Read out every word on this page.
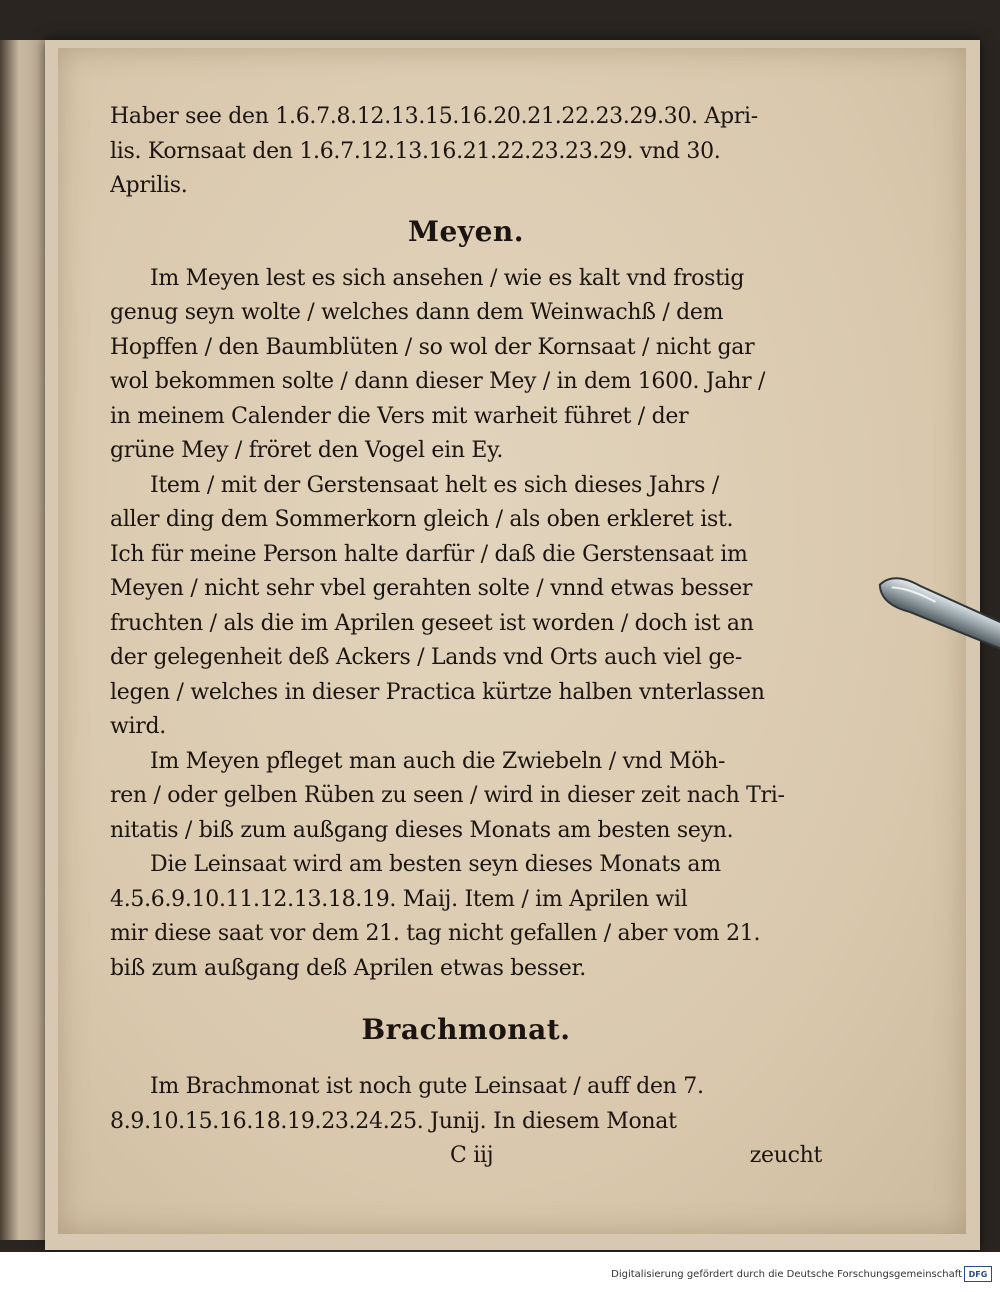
Haber see den 1.6.7.8.12.13.15.16.20.21.22.23.29.30. Apri-
lis. Kornsaat den 1.6.7.12.13.16.21.22.23.23.29. vnd 30.
Aprilis.
Meyen.
Im Meyen lest es sich ansehen / wie es kalt vnd frostig
genug seyn wolte / welches dann dem Weinwachß / dem
Hopffen / den Baumblüten / so wol der Kornsaat / nicht gar
wol bekommen solte / dann dieser Mey / in dem 1600. Jahr /
in meinem Calender die Vers mit warheit führet / der
grüne Mey / fröret den Vogel ein Ey.
Item / mit der Gerstensaat helt es sich dieses Jahrs /
aller ding dem Sommerkorn gleich / als oben erkleret ist.
Ich für meine Person halte darfür / daß die Gerstensaat im
Meyen / nicht sehr vbel gerahten solte / vnnd etwas besser
fruchten / als die im Aprilen geseet ist worden / doch ist an
der gelegenheit deß Ackers / Lands vnd Orts auch viel ge-
legen / welches in dieser Practica kürtze halben vnterlassen
wird.
Im Meyen pfleget man auch die Zwiebeln / vnd Möh-
ren / oder gelben Rüben zu seen / wird in dieser zeit nach Tri-
nitatis / biß zum außgang dieses Monats am besten seyn.
Die Leinsaat wird am besten seyn dieses Monats am
4.5.6.9.10.11.12.13.18.19. Maij. Item / im Aprilen wil
mir diese saat vor dem 21. tag nicht gefallen / aber vom 21.
biß zum außgang deß Aprilen etwas besser.
Brachmonat.
Im Brachmonat ist noch gute Leinsaat / auff den 7.
8.9.10.15.16.18.19.23.24.25. Junij. In diesem Monat
C iij	zeucht
Digitalisierung gefördert durch die Deutsche Forschungsgemeinschaft DFG
